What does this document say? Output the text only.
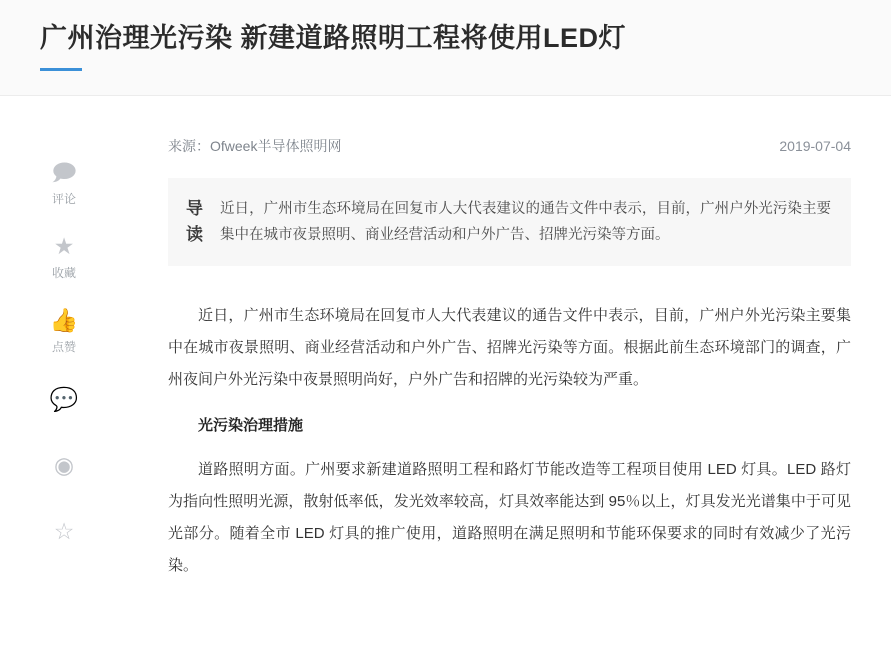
广州治理光污染 新建道路照明工程将使用LED灯
🗩
评论
★
收藏
👍
点赞
💬
◉
☆
来源：Ofweek半导体照明网	2019-07-04
导读
近日，广州市生态环境局在回复市人大代表建议的通告文件中表示，目前，广州户外光污染主要集中在城市夜景照明、商业经营活动和户外广告、招牌光污染等方面。

近日，广州市生态环境局在回复市人大代表建议的通告文件中表示，目前，广州户外光污染主要集中在城市夜景照明、商业经营活动和户外广告、招牌光污染等方面。根据此前生态环境部门的调查，广州夜间户外光污染中夜景照明尚好，户外广告和招牌的光污染较为严重。

光污染治理措施

道路照明方面。广州要求新建道路照明工程和路灯节能改造等工程项目使用 LED 灯具。LED 路灯为指向性照明光源，散射低率低，发光效率较高，灯具效率能达到 95％以上，灯具发光光谱集中于可见光部分。随着全市 LED 灯具的推广使用，道路照明在满足照明和节能环保要求的同时有效减少了光污染。
